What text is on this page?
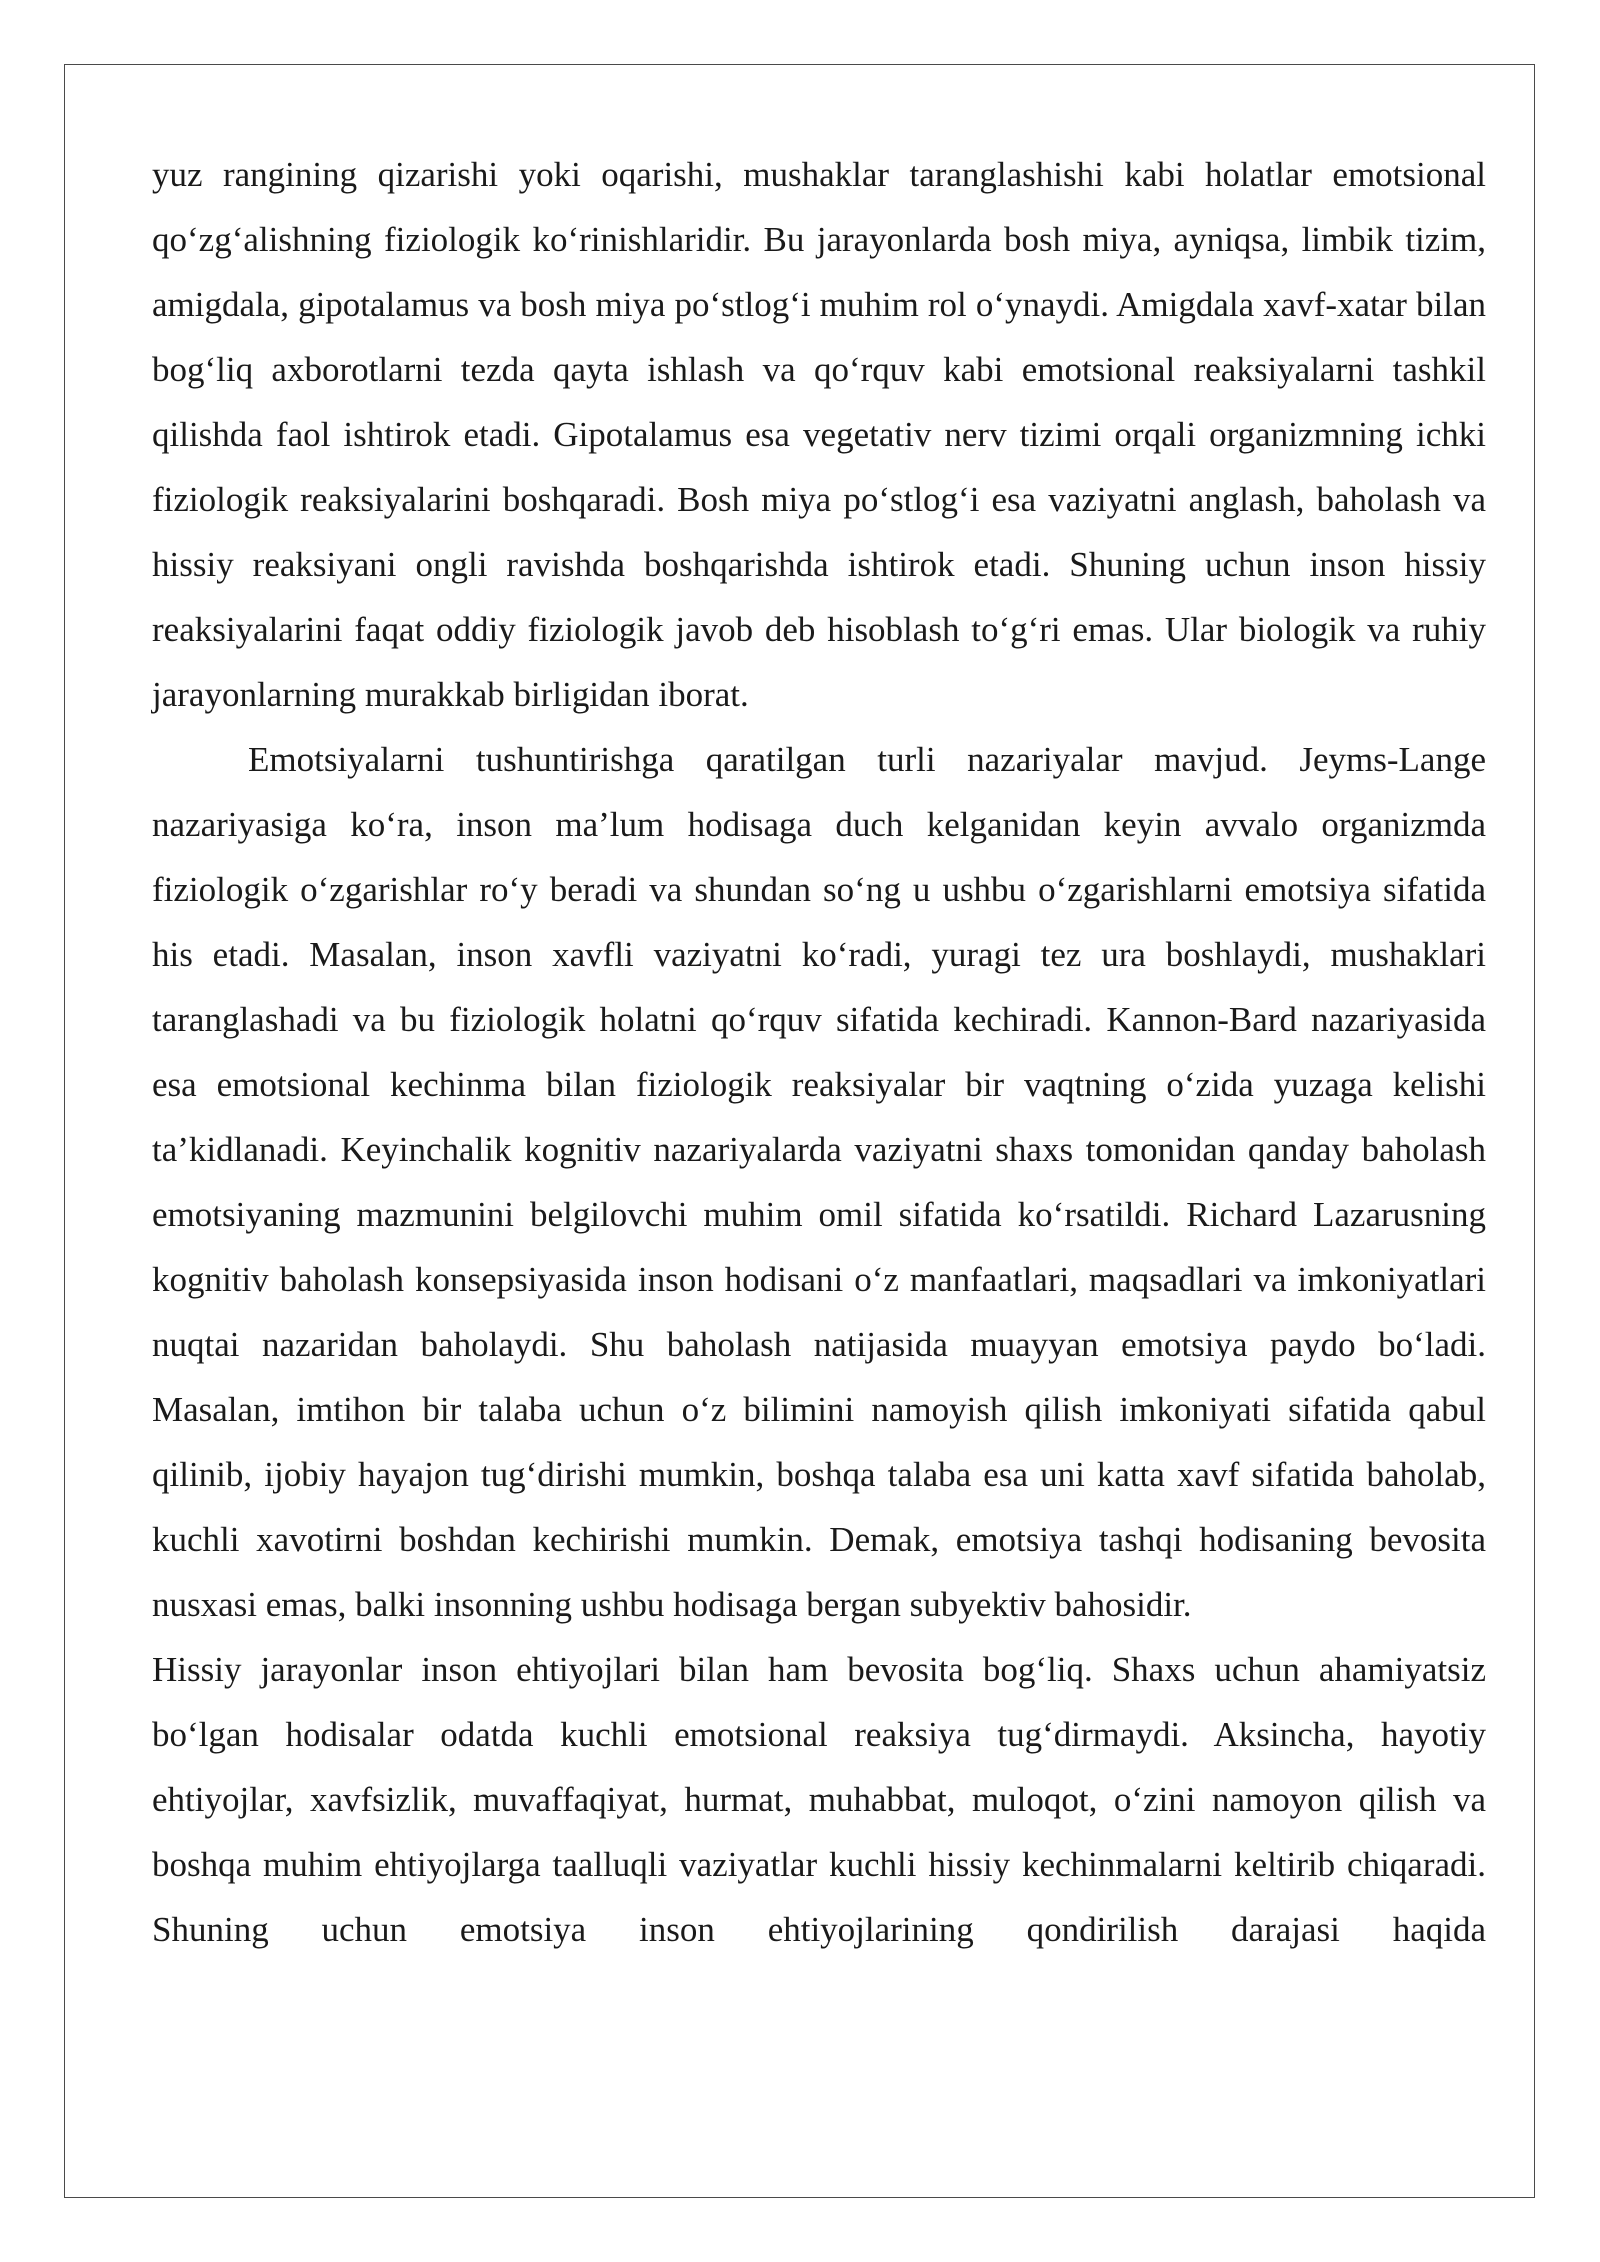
yuz rangining qizarishi yoki oqarishi, mushaklar taranglashishi kabi holatlar emotsional qo‘zg‘alishning fiziologik ko‘rinishlaridir. Bu jarayonlarda bosh miya, ayniqsa, limbik tizim, amigdala, gipotalamus va bosh miya po‘stlog‘i muhim rol o‘ynaydi. Amigdala xavf-xatar bilan bog‘liq axborotlarni tezda qayta ishlash va qo‘rquv kabi emotsional reaksiyalarni tashkil qilishda faol ishtirok etadi. Gipotalamus esa vegetativ nerv tizimi orqali organizmning ichki fiziologik reaksiyalarini boshqaradi. Bosh miya po‘stlog‘i esa vaziyatni anglash, baholash va hissiy reaksiyani ongli ravishda boshqarishda ishtirok etadi. Shuning uchun inson hissiy reaksiyalarini faqat oddiy fiziologik javob deb hisoblash to‘g‘ri emas. Ular biologik va ruhiy jarayonlarning murakkab birligidan iborat.

Emotsiyalarni tushuntirishga qaratilgan turli nazariyalar mavjud. Jeyms-Lange nazariyasiga ko‘ra, inson ma’lum hodisaga duch kelganidan keyin avvalo organizmda fiziologik o‘zgarishlar ro‘y beradi va shundan so‘ng u ushbu o‘zgarishlarni emotsiya sifatida his etadi. Masalan, inson xavfli vaziyatni ko‘radi, yuragi tez ura boshlaydi, mushaklari taranglashadi va bu fiziologik holatni qo‘rquv sifatida kechiradi. Kannon-Bard nazariyasida esa emotsional kechinma bilan fiziologik reaksiyalar bir vaqtning o‘zida yuzaga kelishi ta’kidlanadi. Keyinchalik kognitiv nazariyalarda vaziyatni shaxs tomonidan qanday baholash emotsiyaning mazmunini belgilovchi muhim omil sifatida ko‘rsatildi. Richard Lazarusning kognitiv baholash konsepsiyasida inson hodisani o‘z manfaatlari, maqsadlari va imkoniyatlari nuqtai nazaridan baholaydi. Shu baholash natijasida muayyan emotsiya paydo bo‘ladi. Masalan, imtihon bir talaba uchun o‘z bilimini namoyish qilish imkoniyati sifatida qabul qilinib, ijobiy hayajon tug‘dirishi mumkin, boshqa talaba esa uni katta xavf sifatida baholab, kuchli xavotirni boshdan kechirishi mumkin. Demak, emotsiya tashqi hodisaning bevosita nusxasi emas, balki insonning ushbu hodisaga bergan subyektiv bahosidir.

Hissiy jarayonlar inson ehtiyojlari bilan ham bevosita bog‘liq. Shaxs uchun ahamiyatsiz bo‘lgan hodisalar odatda kuchli emotsional reaksiya tug‘dirmaydi. Aksincha, hayotiy ehtiyojlar, xavfsizlik, muvaffaqiyat, hurmat, muhabbat, muloqot, o‘zini namoyon qilish va boshqa muhim ehtiyojlarga taalluqli vaziyatlar kuchli hissiy kechinmalarni keltirib chiqaradi. Shuning uchun emotsiya inson ehtiyojlarining qondirilish darajasi haqida
